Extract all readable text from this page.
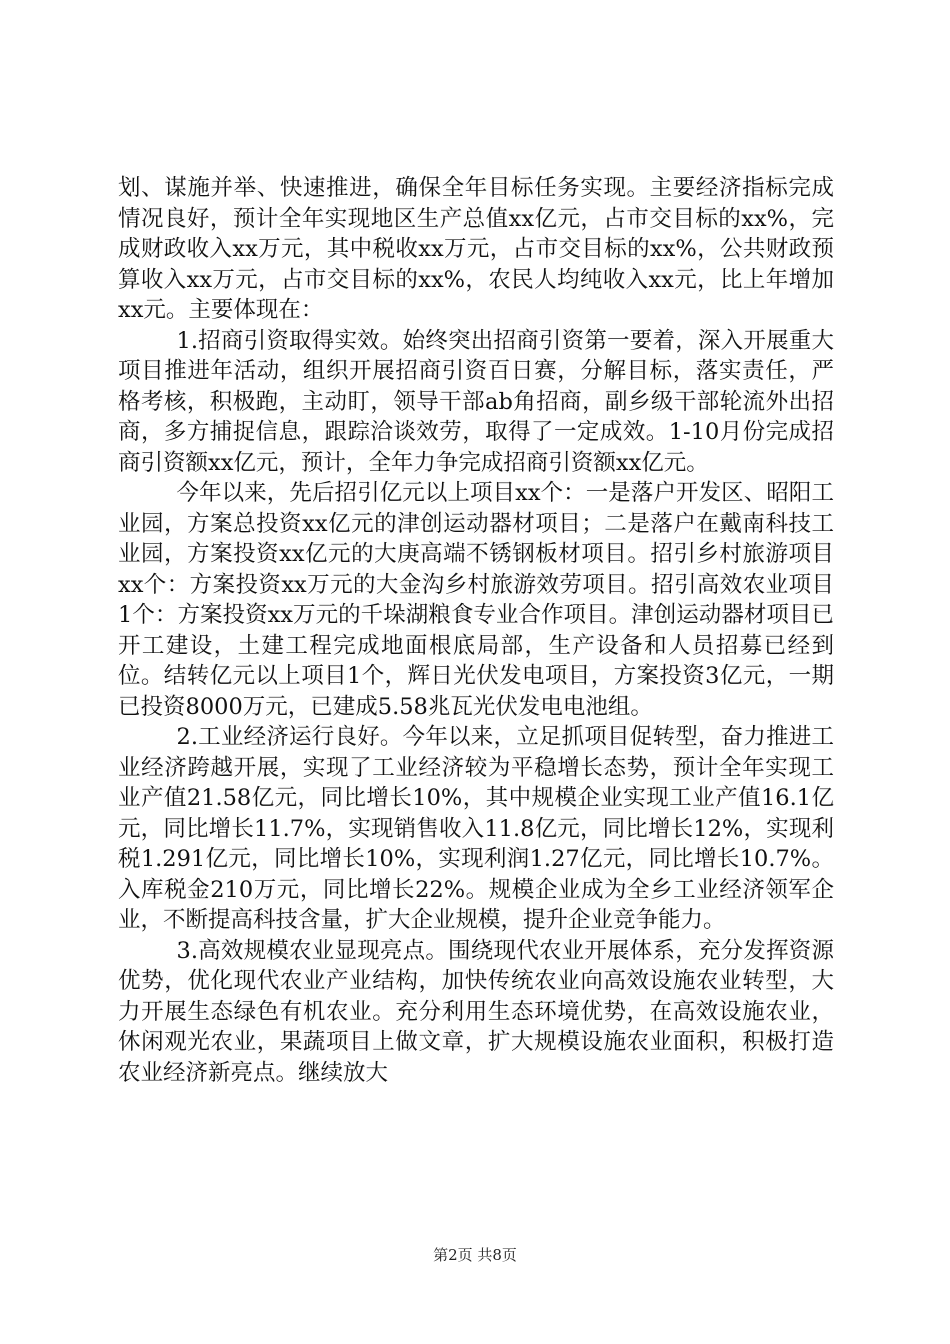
划、谋施并举、快速推进，确保全年目标任务实现。主要经济指标完成情况良好，预计全年实现地区生产总值xx亿元，占市交目标的xx%，完成财政收入xx万元，其中税收xx万元，占市交目标的xx%，公共财政预算收入xx万元，占市交目标的xx%，农民人均纯收入xx元，比上年增加xx元。主要体现在：

1.招商引资取得实效。始终突出招商引资第一要着，深入开展重大项目推进年活动，组织开展招商引资百日赛，分解目标，落实责任，严格考核，积极跑，主动盯，领导干部ab角招商，副乡级干部轮流外出招商，多方捕捉信息，跟踪洽谈效劳，取得了一定成效。1-10月份完成招商引资额xx亿元，预计，全年力争完成招商引资额xx亿元。

今年以来，先后招引亿元以上项目xx个：一是落户开发区、昭阳工业园，方案总投资xx亿元的津创运动器材项目；二是落户在戴南科技工业园，方案投资xx亿元的大庚高端不锈钢板材项目。招引乡村旅游项目xx个：方案投资xx万元的大金沟乡村旅游效劳项目。招引高效农业项目1个：方案投资xx万元的千垛湖粮食专业合作项目。津创运动器材项目已开工建设，土建工程完成地面根底局部，生产设备和人员招募已经到位。结转亿元以上项目1个，辉日光伏发电项目，方案投资3亿元，一期已投资8000万元，已建成5.58兆瓦光伏发电电池组。

2.工业经济运行良好。今年以来，立足抓项目促转型，奋力推进工业经济跨越开展，实现了工业经济较为平稳增长态势，预计全年实现工业产值21.58亿元，同比增长10%，其中规模企业实现工业产值16.1亿元，同比增长11.7%，实现销售收入11.8亿元，同比增长12%，实现利税1.291亿元，同比增长10%，实现利润1.27亿元，同比增长10.7%。入库税金210万元，同比增长22%。规模企业成为全乡工业经济领军企业，不断提高科技含量，扩大企业规模，提升企业竞争能力。

3.高效规模农业显现亮点。围绕现代农业开展体系，充分发挥资源优势，优化现代农业产业结构，加快传统农业向高效设施农业转型，大力开展生态绿色有机农业。充分利用生态环境优势，在高效设施农业，休闲观光农业，果蔬项目上做文章，扩大规模设施农业面积，积极打造农业经济新亮点。继续放大

第2页 共8页
